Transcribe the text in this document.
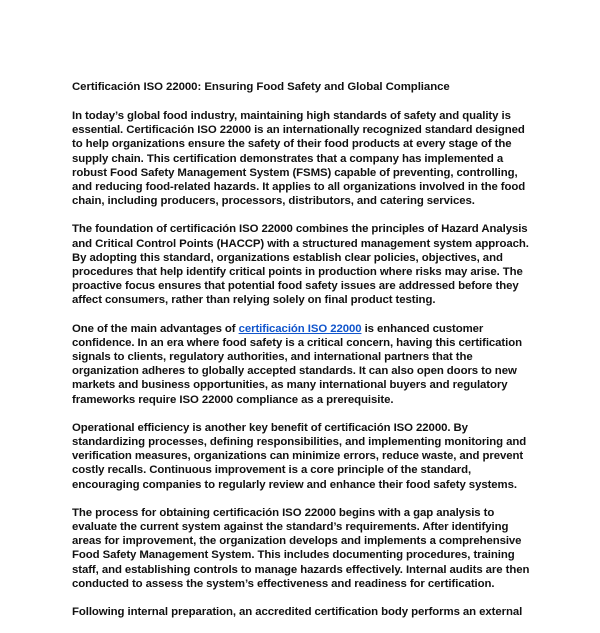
Certificación ISO 22000: Ensuring Food Safety and Global Compliance

In today’s global food industry, maintaining high standards of safety and quality is essential. Certificación ISO 22000 is an internationally recognized standard designed to help organizations ensure the safety of their food products at every stage of the supply chain. This certification demonstrates that a company has implemented a robust Food Safety Management System (FSMS) capable of preventing, controlling, and reducing food-related hazards. It applies to all organizations involved in the food chain, including producers, processors, distributors, and catering services.

The foundation of certificación ISO 22000 combines the principles of Hazard Analysis and Critical Control Points (HACCP) with a structured management system approach. By adopting this standard, organizations establish clear policies, objectives, and procedures that help identify critical points in production where risks may arise. The proactive focus ensures that potential food safety issues are addressed before they affect consumers, rather than relying solely on final product testing.

One of the main advantages of certificación ISO 22000 is enhanced customer confidence. In an era where food safety is a critical concern, having this certification signals to clients, regulatory authorities, and international partners that the organization adheres to globally accepted standards. It can also open doors to new markets and business opportunities, as many international buyers and regulatory frameworks require ISO 22000 compliance as a prerequisite.

Operational efficiency is another key benefit of certificación ISO 22000. By standardizing processes, defining responsibilities, and implementing monitoring and verification measures, organizations can minimize errors, reduce waste, and prevent costly recalls. Continuous improvement is a core principle of the standard, encouraging companies to regularly review and enhance their food safety systems.

The process for obtaining certificación ISO 22000 begins with a gap analysis to evaluate the current system against the standard’s requirements. After identifying areas for improvement, the organization develops and implements a comprehensive Food Safety Management System. This includes documenting procedures, training staff, and establishing controls to manage hazards effectively. Internal audits are then conducted to assess the system’s effectiveness and readiness for certification.

Following internal preparation, an accredited certification body performs an external
